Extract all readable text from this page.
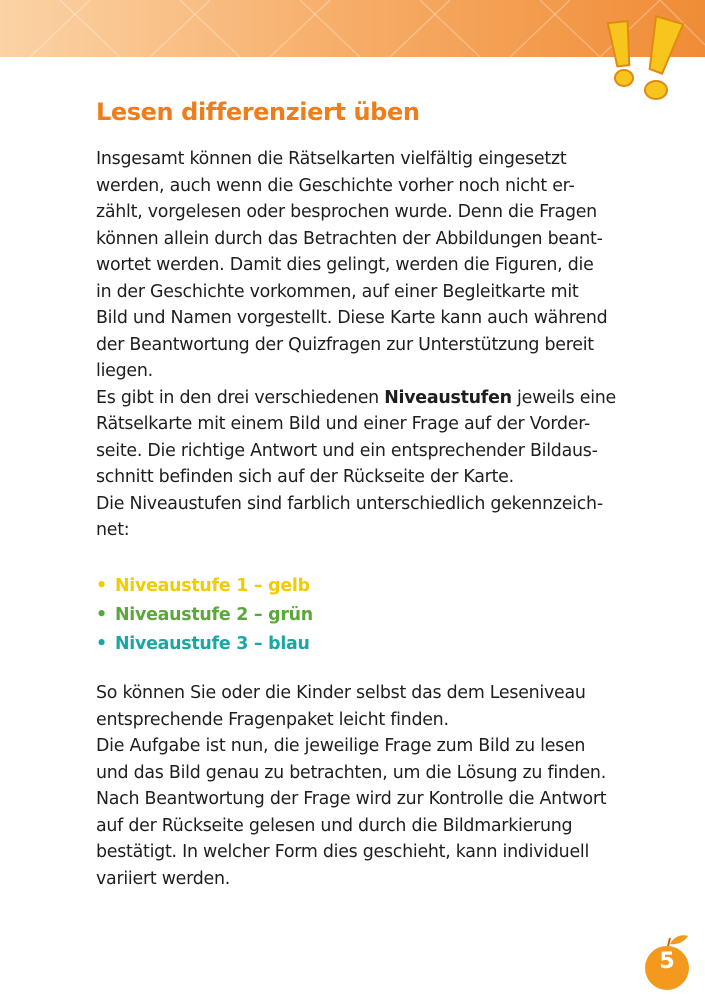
Lesen differenziert üben

Insgesamt können die Rätselkarten vielfältig eingesetzt

werden, auch wenn die Geschichte vorher noch nicht er-

zählt, vorgelesen oder besprochen wurde. Denn die Fragen

können allein durch das Betrachten der Abbildungen beant-

wortet werden. Damit dies gelingt, werden die Figuren, die

in der Geschichte vorkommen, auf einer Begleitkarte mit

Bild und Namen vorgestellt. Diese Karte kann auch während

der Beantwortung der Quizfragen zur Unterstützung bereit

liegen.

Es gibt in den drei verschiedenen Niveaustufen jeweils eine

Rätselkarte mit einem Bild und einer Frage auf der Vorder-

seite. Die richtige Antwort und ein entsprechender Bildaus-

schnitt befinden sich auf der Rückseite der Karte.

Die Niveaustufen sind farblich unterschiedlich gekennzeich-

net:

• Niveaustufe 1 – gelb
• Niveaustufe 2 – grün
• Niveaustufe 3 – blau

So können Sie oder die Kinder selbst das dem Leseniveau

entsprechende Fragenpaket leicht finden.

Die Aufgabe ist nun, die jeweilige Frage zum Bild zu lesen

und das Bild genau zu betrachten, um die Lösung zu finden.

Nach Beantwortung der Frage wird zur Kontrolle die Antwort

auf der Rückseite gelesen und durch die Bildmarkierung

bestätigt. In welcher Form dies geschieht, kann individuell

variiert werden.

5
